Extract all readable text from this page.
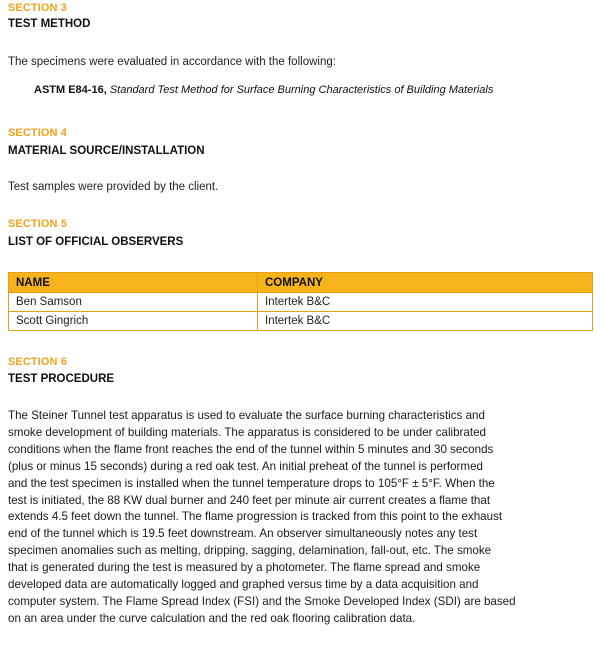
SECTION 3
TEST METHOD
The specimens were evaluated in accordance with the following:
ASTM E84-16, Standard Test Method for Surface Burning Characteristics of Building Materials
SECTION 4
MATERIAL SOURCE/INSTALLATION
Test samples were provided by the client.
SECTION 5
LIST OF OFFICIAL OBSERVERS
NAME	COMPANY
Ben Samson	Intertek B&C
Scott Gingrich	Intertek B&C
SECTION 6
TEST PROCEDURE
The Steiner Tunnel test apparatus is used to evaluate the surface burning characteristics and
smoke development of building materials. The apparatus is considered to be under calibrated
conditions when the flame front reaches the end of the tunnel within 5 minutes and 30 seconds
(plus or minus 15 seconds) during a red oak test. An initial preheat of the tunnel is performed
and the test specimen is installed when the tunnel temperature drops to 105°F ± 5°F. When the
test is initiated, the 88 KW dual burner and 240 feet per minute air current creates a flame that
extends 4.5 feet down the tunnel. The flame progression is tracked from this point to the exhaust
end of the tunnel which is 19.5 feet downstream. An observer simultaneously notes any test
specimen anomalies such as melting, dripping, sagging, delamination, fall-out, etc. The smoke
that is generated during the test is measured by a photometer. The flame spread and smoke
developed data are automatically logged and graphed versus time by a data acquisition and
computer system. The Flame Spread Index (FSI) and the Smoke Developed Index (SDI) are based
on an area under the curve calculation and the red oak flooring calibration data.
